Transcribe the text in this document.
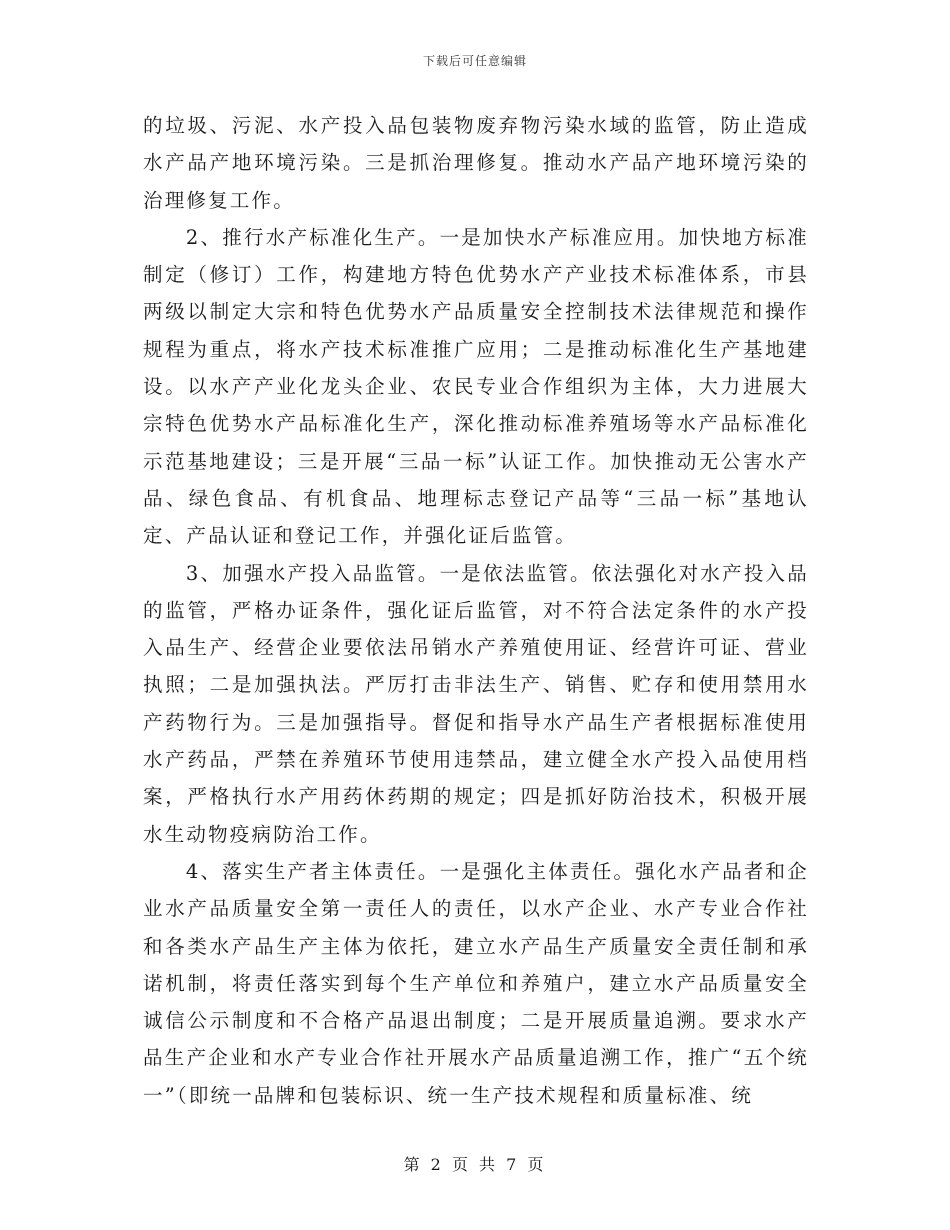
下载后可任意编辑

的垃圾、污泥、水产投入品包装物废弃物污染水域的监管，防止造成水产品产地环境污染。三是抓治理修复。推动水产品产地环境污染的治理修复工作。

2、推行水产标准化生产。一是加快水产标准应用。加快地方标准制定（修订）工作，构建地方特色优势水产产业技术标准体系，市县两级以制定大宗和特色优势水产品质量安全控制技术法律规范和操作规程为重点，将水产技术标准推广应用；二是推动标准化生产基地建设。以水产产业化龙头企业、农民专业合作组织为主体，大力进展大宗特色优势水产品标准化生产，深化推动标准养殖场等水产品标准化示范基地建设；三是开展“三品一标”认证工作。加快推动无公害水产品、绿色食品、有机食品、地理标志登记产品等“三品一标”基地认定、产品认证和登记工作，并强化证后监管。

3、加强水产投入品监管。一是依法监管。依法强化对水产投入品的监管，严格办证条件，强化证后监管，对不符合法定条件的水产投入品生产、经营企业要依法吊销水产养殖使用证、经营许可证、营业执照；二是加强执法。严厉打击非法生产、销售、贮存和使用禁用水产药物行为。三是加强指导。督促和指导水产品生产者根据标准使用水产药品，严禁在养殖环节使用违禁品，建立健全水产投入品使用档案，严格执行水产用药休药期的规定；四是抓好防治技术，积极开展水生动物疫病防治工作。

4、落实生产者主体责任。一是强化主体责任。强化水产品者和企业水产品质量安全第一责任人的责任，以水产企业、水产专业合作社和各类水产品生产主体为依托，建立水产品生产质量安全责任制和承诺机制，将责任落实到每个生产单位和养殖户，建立水产品质量安全诚信公示制度和不合格产品退出制度；二是开展质量追溯。要求水产品生产企业和水产专业合作社开展水产品质量追溯工作，推广“五个统一”（即统一品牌和包装标识、统一生产技术规程和质量标准、统

第 2 页 共 7 页
